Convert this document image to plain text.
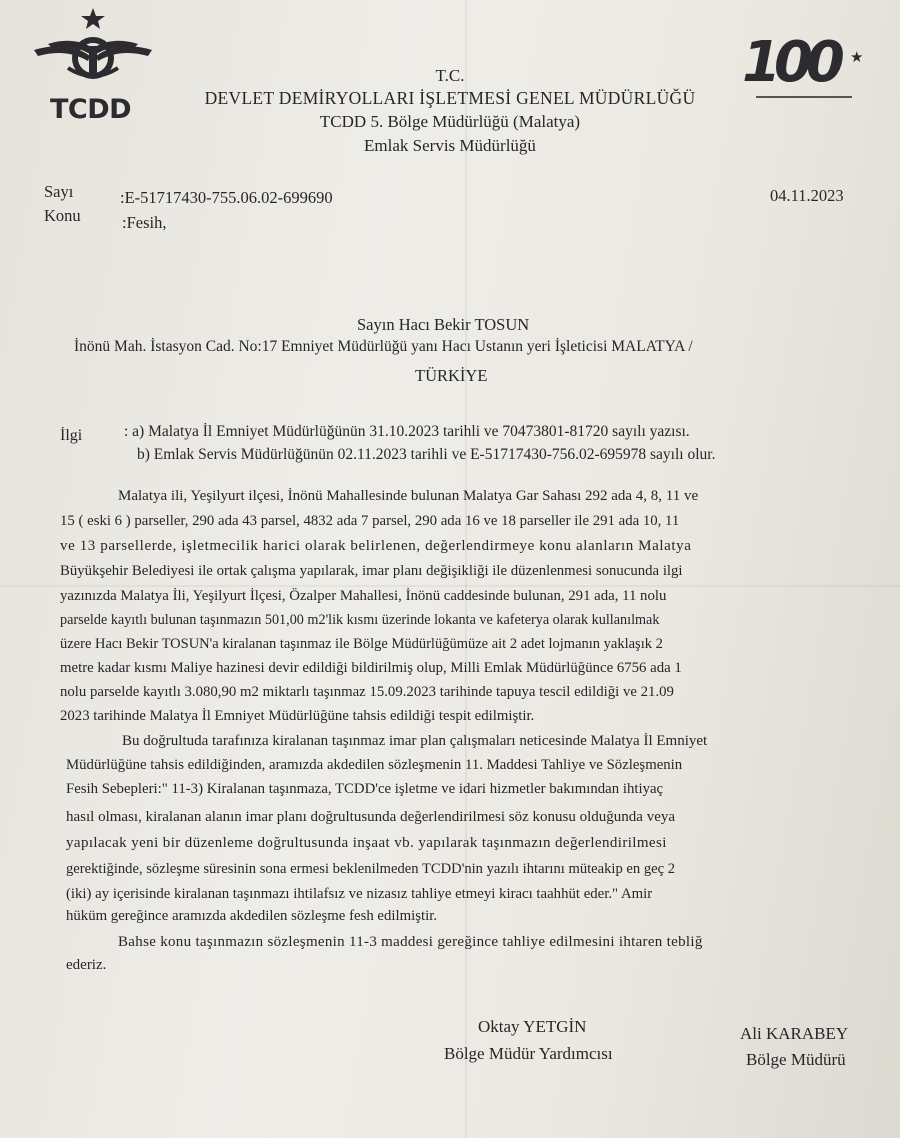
TCDD
100 ★
T.C.
DEVLET DEMİRYOLLARI İŞLETMESİ GENEL MÜDÜRLÜĞÜ
TCDD 5. Bölge Müdürlüğü (Malatya)
Emlak Servis Müdürlüğü
Sayı	:E-51717430-755.06.02-699690
Konu	:Fesih,
04.11.2023
Sayın Hacı Bekir TOSUN
İnönü Mah. İstasyon Cad. No:17 Emniyet Müdürlüğü yanı Hacı Ustanın yeri İşleticisi MALATYA /
TÜRKİYE
İlgi	: a) Malatya İl Emniyet Müdürlüğünün 31.10.2023 tarihli ve 70473801-81720 sayılı yazısı.
b) Emlak Servis Müdürlüğünün 02.11.2023 tarihli ve E-51717430-756.02-695978 sayılı olur.
Malatya ili, Yeşilyurt ilçesi, İnönü Mahallesinde bulunan Malatya Gar Sahası 292 ada 4, 8, 11 ve
15 ( eski 6 ) parseller, 290 ada 43 parsel, 4832 ada 7 parsel, 290 ada 16 ve 18 parseller ile 291 ada 10, 11
ve 13 parsellerde, işletmecilik harici olarak belirlenen, değerlendirmeye konu alanların Malatya
Büyükşehir Belediyesi ile ortak çalışma yapılarak, imar planı değişikliği ile düzenlenmesi sonucunda ilgi
yazınızda Malatya İli, Yeşilyurt İlçesi, Özalper Mahallesi, İnönü caddesinde bulunan, 291 ada, 11 nolu
parselde kayıtlı bulunan taşınmazın 501,00 m2'lik kısmı üzerinde lokanta ve kafeterya olarak kullanılmak
üzere Hacı Bekir TOSUN'a kiralanan taşınmaz ile Bölge Müdürlüğümüze ait 2 adet lojmanın yaklaşık 2
metre kadar kısmı Maliye hazinesi devir edildiği bildirilmiş olup, Milli Emlak Müdürlüğünce 6756 ada 1
nolu parselde kayıtlı 3.080,90 m2 miktarlı taşınmaz 15.09.2023 tarihinde tapuya tescil edildiği ve 21.09
2023 tarihinde Malatya İl Emniyet Müdürlüğüne tahsis edildiği tespit edilmiştir.
Bu doğrultuda tarafınıza kiralanan taşınmaz imar plan çalışmaları neticesinde Malatya İl Emniyet
Müdürlüğüne tahsis edildiğinden, aramızda akdedilen sözleşmenin 11. Maddesi Tahliye ve Sözleşmenin
Fesih Sebepleri:" 11-3) Kiralanan taşınmaza, TCDD'ce işletme ve idari hizmetler bakımından ihtiyaç
hasıl olması, kiralanan alanın imar planı doğrultusunda değerlendirilmesi söz konusu olduğunda veya
yapılacak yeni bir düzenleme doğrultusunda inşaat vb. yapılarak taşınmazın değerlendirilmesi
gerektiğinde, sözleşme süresinin sona ermesi beklenilmeden TCDD'nin yazılı ihtarını müteakip en geç 2
(iki) ay içerisinde kiralanan taşınmazı ihtilafsız ve nizasız tahliye etmeyi kiracı taahhüt eder." Amir
hüküm gereğince aramızda akdedilen sözleşme fesh edilmiştir.
Bahse konu taşınmazın sözleşmenin 11-3 maddesi gereğince tahliye edilmesini ihtaren tebliğ
ederiz.
Oktay YETGİN
Bölge Müdür Yardımcısı
Ali KARABEY
Bölge Müdürü
